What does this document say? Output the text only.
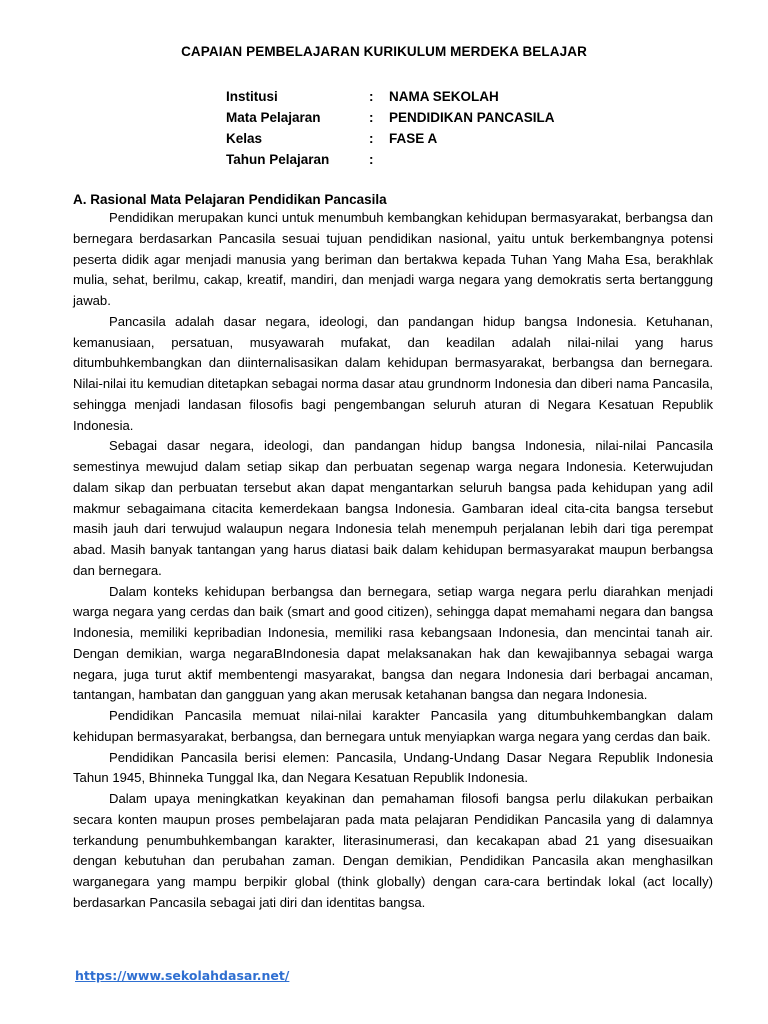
CAPAIAN PEMBELAJARAN KURIKULUM MERDEKA BELAJAR
Institusi	: NAMA SEKOLAH
Mata Pelajaran	: PENDIDIKAN PANCASILA
Kelas	: FASE A
Tahun Pelajaran	:
A. Rasional Mata Pelajaran Pendidikan Pancasila

Pendidikan merupakan kunci untuk menumbuh kembangkan kehidupan bermasyarakat, berbangsa dan bernegara berdasarkan Pancasila sesuai tujuan pendidikan nasional, yaitu untuk berkembangnya potensi peserta didik agar menjadi manusia yang beriman dan bertakwa kepada Tuhan Yang Maha Esa, berakhlak mulia, sehat, berilmu, cakap, kreatif, mandiri, dan menjadi warga negara yang demokratis serta bertanggung jawab.

Pancasila adalah dasar negara, ideologi, dan pandangan hidup bangsa Indonesia. Ketuhanan, kemanusiaan, persatuan, musyawarah mufakat, dan keadilan adalah nilai-nilai yang harus ditumbuhkembangkan dan diinternalisasikan dalam kehidupan bermasyarakat, berbangsa dan bernegara. Nilai-nilai itu kemudian ditetapkan sebagai norma dasar atau grundnorm Indonesia dan diberi nama Pancasila, sehingga menjadi landasan filosofis bagi pengembangan seluruh aturan di Negara Kesatuan Republik Indonesia.

Sebagai dasar negara, ideologi, dan pandangan hidup bangsa Indonesia, nilai-nilai Pancasila semestinya mewujud dalam setiap sikap dan perbuatan segenap warga negara Indonesia. Keterwujudan dalam sikap dan perbuatan tersebut akan dapat mengantarkan seluruh bangsa pada kehidupan yang adil makmur sebagaimana citacita kemerdekaan bangsa Indonesia. Gambaran ideal cita-cita bangsa tersebut masih jauh dari terwujud walaupun negara Indonesia telah menempuh perjalanan lebih dari tiga perempat abad. Masih banyak tantangan yang harus diatasi baik dalam kehidupan bermasyarakat maupun berbangsa dan bernegara.

Dalam konteks kehidupan berbangsa dan bernegara, setiap warga negara perlu diarahkan menjadi warga negara yang cerdas dan baik (smart and good citizen), sehingga dapat memahami negara dan bangsa Indonesia, memiliki kepribadian Indonesia, memiliki rasa kebangsaan Indonesia, dan mencintai tanah air. Dengan demikian, warga negaraBIndonesia dapat melaksanakan hak dan kewajibannya sebagai warga negara, juga turut aktif membentengi masyarakat, bangsa dan negara Indonesia dari berbagai ancaman, tantangan, hambatan dan gangguan yang akan merusak ketahanan bangsa dan negara Indonesia.

Pendidikan Pancasila memuat nilai-nilai karakter Pancasila yang ditumbuhkembangkan dalam kehidupan bermasyarakat, berbangsa, dan bernegara untuk menyiapkan warga negara yang cerdas dan baik.

Pendidikan Pancasila berisi elemen: Pancasila, Undang-Undang Dasar Negara Republik Indonesia Tahun 1945, Bhinneka Tunggal Ika, dan Negara Kesatuan Republik Indonesia.

Dalam upaya meningkatkan keyakinan dan pemahaman filosofi bangsa perlu dilakukan perbaikan secara konten maupun proses pembelajaran pada mata pelajaran Pendidikan Pancasila yang di dalamnya terkandung penumbuhkembangan karakter, literasinumerasi, dan kecakapan abad 21 yang disesuaikan dengan kebutuhan dan perubahan zaman. Dengan demikian, Pendidikan Pancasila akan menghasilkan warganegara yang mampu berpikir global (think globally) dengan cara-cara bertindak lokal (act locally) berdasarkan Pancasila sebagai jati diri dan identitas bangsa.

https://www.sekolahdasar.net/
